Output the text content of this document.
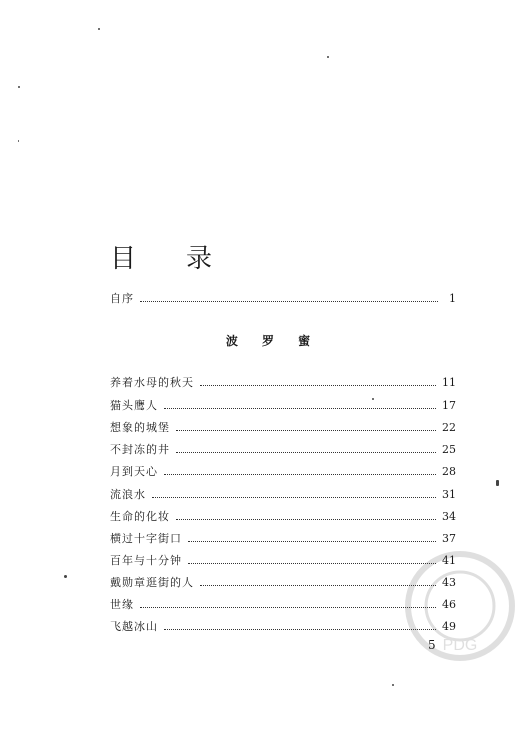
目 录
自序	1
波 罗 蜜
养着水母的秋天	11
猫头鹰人	17
想象的城堡	22
不封冻的井	25
月到天心	28
流浪水	31
生命的化妆	34
横过十字街口	37
百年与十分钟	41
戴勋章逛街的人	43
世缘	46
飞越冰山	49
5 PDG
